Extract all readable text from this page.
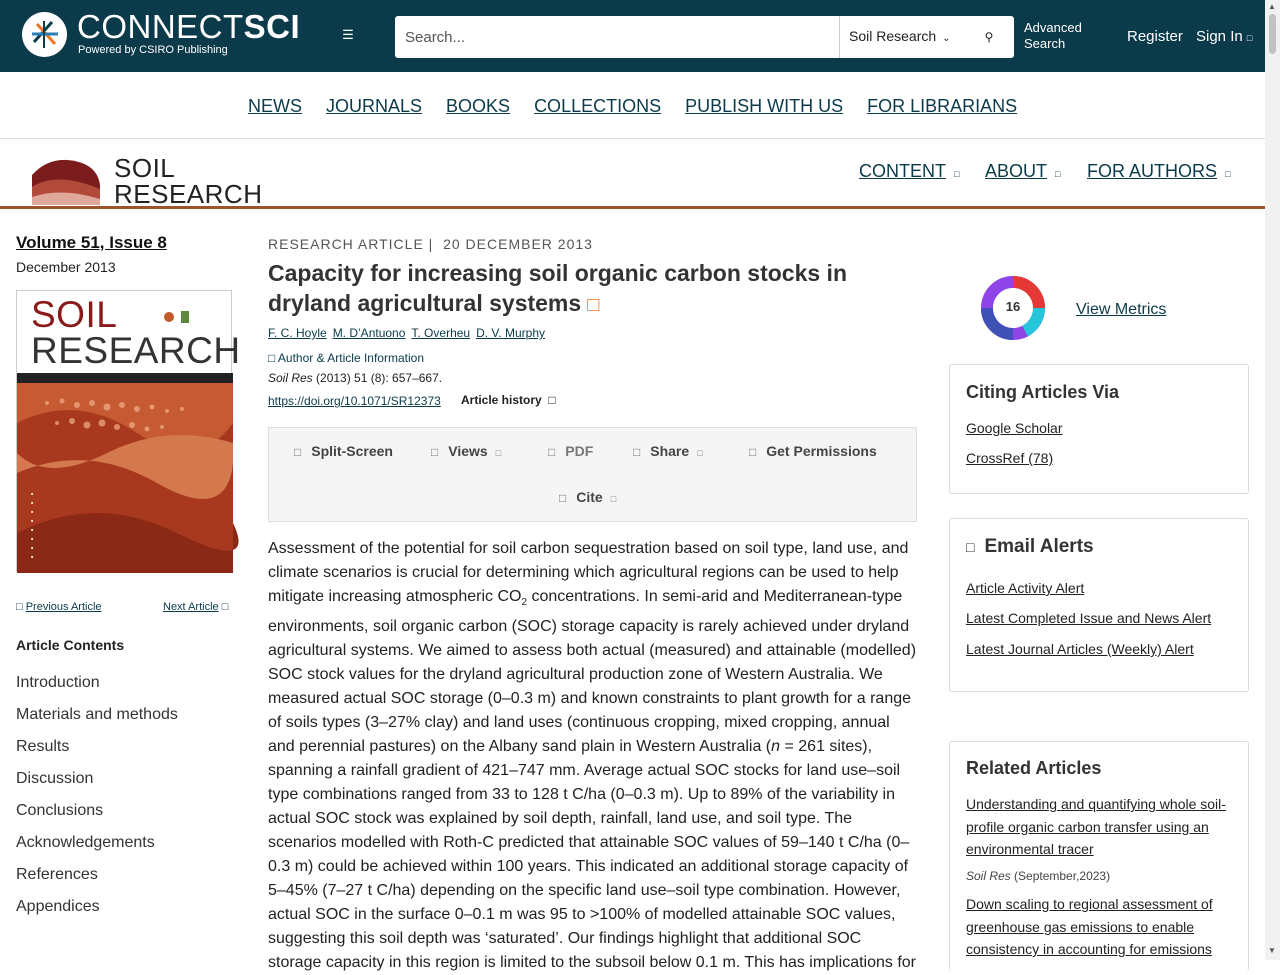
CONNECTSCI
Powered by CSIRO Publishing
☰
Search...	Soil Research ⌄	⚲
Advanced Search	Register Sign In □
▲
▼
NEWS JOURNALS BOOKS COLLECTIONS PUBLISH WITH US FOR LIBRARIANS
SOIL
RESEARCH
CONTENT □ ABOUT □ FOR AUTHORS □
Volume 51, Issue 8
December 2013
SOIL
RESEARCH
■
■
■
■
■
■
■
■
□ Previous Article	Next Article □
Article Contents
Introduction
Materials and methods
Results
Discussion
Conclusions
Acknowledgements
References
Appendices
RESEARCH ARTICLE | 20 DECEMBER 2013
Capacity for increasing soil organic carbon stocks in dryland agricultural systems □
F. C. Hoyle M. D’Antuono T. Overheu D. V. Murphy
□ Author & Article Information
Soil Res (2013) 51 (8): 657–667.
https://doi.org/10.1071/SR12373 Article history □
□ Split-Screen	□ Views □	□ PDF	□ Share □	□ Get Permissions
□ Cite □
Assessment of the potential for soil carbon sequestration based on soil type, land use, and climate scenarios is crucial for determining which agricultural regions can be used to help mitigate increasing atmospheric $CO_2$ concentrations. In semi-arid and Mediterranean-type environments, soil organic carbon (SOC) storage capacity is rarely achieved under dryland agricultural systems. We aimed to assess both actual (measured) and attainable (modelled) SOC stock values for the dryland agricultural production zone of Western Australia. We measured actual SOC storage (0–0.3 m) and known constraints to plant growth for a range of soils types (3–27% clay) and land uses (continuous cropping, mixed cropping, annual and perennial pastures) on the Albany sand plain in Western Australia (n = 261 sites), spanning a rainfall gradient of 421–747 mm. Average actual SOC stocks for land use–soil type combinations ranged from 33 to 128 t C/ha (0–0.3 m). Up to 89% of the variability in actual SOC stock was explained by soil depth, rainfall, land use, and soil type. The scenarios modelled with Roth-C predicted that attainable SOC values of 59–140 t C/ha (0–0.3 m) could be achieved within 100 years. This indicated an additional storage capacity of 5–45% (7–27 t C/ha) depending on the specific land use–soil type combination. However, actual SOC in the surface 0–0.1 m was 95 to >100% of modelled attainable SOC values, suggesting this soil depth was ‘saturated’. Our findings highlight that additional SOC storage capacity in this region is limited to the subsoil below 0.1 m. This has implications for
16	View Metrics
Citing Articles Via
Google Scholar
CrossRef (78)
□ Email Alerts
Article Activity Alert
Latest Completed Issue and News Alert
Latest Journal Articles (Weekly) Alert
Related Articles
Understanding and quantifying whole soil-profile organic carbon transfer using an environmental tracer
Soil Res (September,2023)
Down scaling to regional assessment of greenhouse gas emissions to enable consistency in accounting for emissions
